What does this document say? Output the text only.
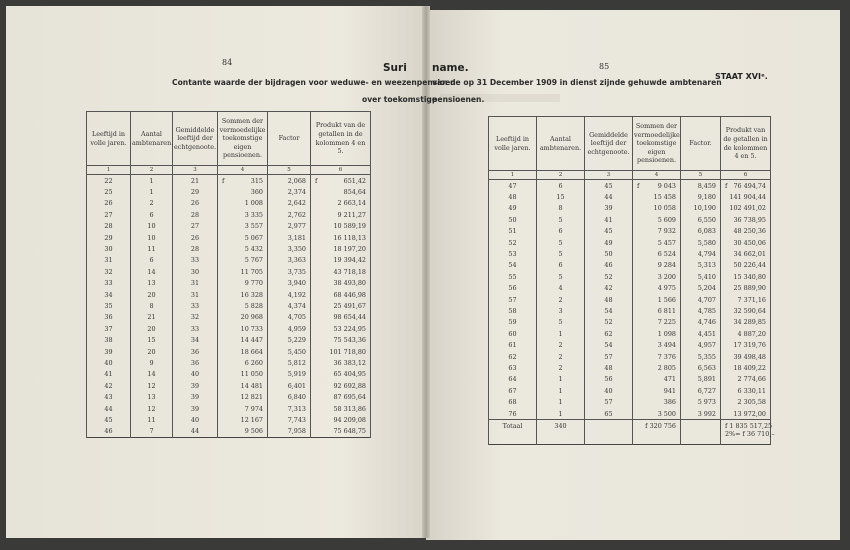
84	85
Suri name.
STAAT XVIᵉ.
Contante waarde der bijdragen voor weduwe- en weezenpensioen
over toekomstige
van de op 31 December 1909 in dienst zijnde gehuwde ambtenaren
pensioenen.
Leeftijd in volle jaren.	Aantal ambtenaren.	Gemiddelde leeftijd der echtgenoote.	Sommen der vermoedelijke toekomstige eigen pensioenen.	Factor	Produkt van de getallen in de kolommen 4 en 5.
1	2	3	4	5	6
22	1	21	f 315	2,068	f 651,42
25	1	29	360	2,374	854,64
26	2	26	1 008	2,642	2 663,14
27	6	28	3 335	2,762	9 211,27
28	10	27	3 557	2,977	10 589,19
29	10	26	5 067	3,181	16 118,13
30	11	28	5 432	3,350	18 197,20
31	6	33	5 767	3,363	19 394,42
32	14	30	11 705	3,735	43 718,18
33	13	31	9 770	3,940	38 493,80
34	20	31	16 328	4,192	68 446,98
35	8	33	5 828	4,374	25 491,67
36	21	32	20 968	4,705	98 654,44
37	20	33	10 733	4,959	53 224,95
38	15	34	14 447	5,229	75 543,36
39	20	36	18 664	5,450	101 718,80
40	9	36	6 260	5,812	36 383,12
41	14	40	11 050	5,919	65 404,95
42	12	39	14 481	6,401	92 692,88
43	13	39	12 821	6,840	87 695,64
44	12	39	7 974	7,313	58 313,86
45	11	40	12 167	7,743	94 209,08
46	7	44	9 506	7,958	75 648,75
Leeftijd in volle jaren.	Aantal ambtenaren.	Gemiddelde leeftijd der echtgenoote.	Sommen der vermoedelijke toekomstige eigen pensioenen.	Factor.	Produkt van de getallen in de kolommen 4 en 5.
1	2	3	4	5	6
47	6	45	f 9 043	8,459	f 76 494,74
48	15	44	15 458	9,180	141 904,44
49	8	39	10 058	10,190	102 491,02
50	5	41	5 609	6,550	36 738,95
51	6	45	7 932	6,083	48 250,36
52	5	49	5 457	5,580	30 450,06
53	5	50	6 524	4,794	34 662,01
54	6	46	9 284	5,313	50 226,44
55	5	52	3 200	5,410	15 340,80
56	4	42	4 975	5,204	25 889,90
57	2	48	1 566	4,707	7 371,16
58	3	54	6 811	4,785	32 590,64
59	5	52	7 225	4,746	34 289,85
60	1	62	1 098	4,451	4 887,20
61	2	54	3 494	4,957	17 319,76
62	2	57	7 376	5,355	39 498,48
63	2	48	2 805	6,563	18 409,22
64	1	56	471	5,891	2 774,66
67	1	40	941	6,727	6 330,11
68	1	57	386	5 973	2 305,58
76	1	65	3 500	3 992	13 972,00

Totaal	340		f 320 756		f 1 835 517,25
2%= f 36 710,–
